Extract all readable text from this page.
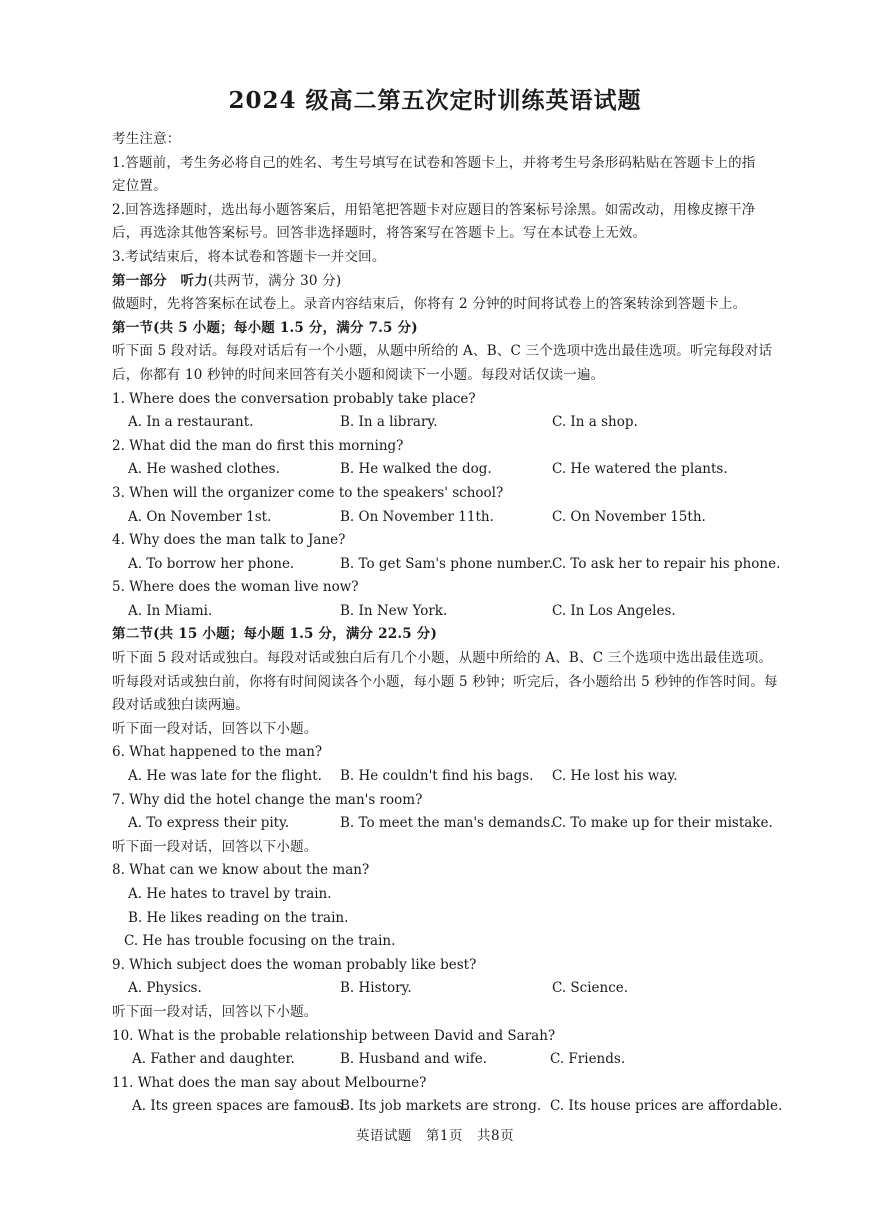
2024 级高二第五次定时训练英语试题
考生注意：
1.答题前，考生务必将自己的姓名、考生号填写在试卷和答题卡上，并将考生号条形码粘贴在答题卡上的指
定位置。
2.回答选择题时，选出每小题答案后，用铅笔把答题卡对应题目的答案标号涂黑。如需改动，用橡皮擦干净
后，再选涂其他答案标号。回答非选择题时，将答案写在答题卡上。写在本试卷上无效。
3.考试结束后，将本试卷和答题卡一并交回。
第一部分　听力(共两节，满分 30 分)
做题时，先将答案标在试卷上。录音内容结束后，你将有 2 分钟的时间将试卷上的答案转涂到答题卡上。
第一节(共 5 小题；每小题 1.5 分，满分 7.5 分)
听下面 5 段对话。每段对话后有一个小题，从题中所给的 A、B、C 三个选项中选出最佳选项。听完每段对话
后，你都有 10 秒钟的时间来回答有关小题和阅读下一小题。每段对话仅读一遍。
1. Where does the conversation probably take place?
A. In a restaurant.	B. In a library.	C. In a shop.
2. What did the man do first this morning?
A. He washed clothes.	B. He walked the dog.	C. He watered the plants.
3. When will the organizer come to the speakers' school?
A. On November 1st.	B. On November 11th.	C. On November 15th.
4. Why does the man talk to Jane?
A. To borrow her phone.	B. To get Sam's phone number. C. To ask her to repair his phone.
5. Where does the woman live now?
A. In Miami.	B. In New York.	C. In Los Angeles.
第二节(共 15 小题；每小题 1.5 分，满分 22.5 分)
听下面 5 段对话或独白。每段对话或独白后有几个小题，从题中所给的 A、B、C 三个选项中选出最佳选项。
听每段对话或独白前，你将有时间阅读各个小题，每小题 5 秒钟；听完后，各小题给出 5 秒钟的作答时间。每
段对话或独白读两遍。
听下面一段对话，回答以下小题。
6. What happened to the man?
A. He was late for the flight. B. He couldn't find his bags. C. He lost his way.
7. Why did the hotel change the man's room?
A. To express their pity.	B. To meet the man's demands.
C. To make up for their mistake.
听下面一段对话，回答以下小题。
8. What can we know about the man?
A. He hates to travel by train.
B. He likes reading on the train.
C. He has trouble focusing on the train.
9. Which subject does the woman probably like best?
A. Physics.	B. History.	C. Science.
听下面一段对话，回答以下小题。
10. What is the probable relationship between David and Sarah?
A. Father and daughter.	B. Husband and wife.	C. Friends.
11. What does the man say about Melbourne?
A. Its green spaces are famous.
B. Its job markets are strong. C. Its house prices are affordable.
英语试题　第1页　共8页
